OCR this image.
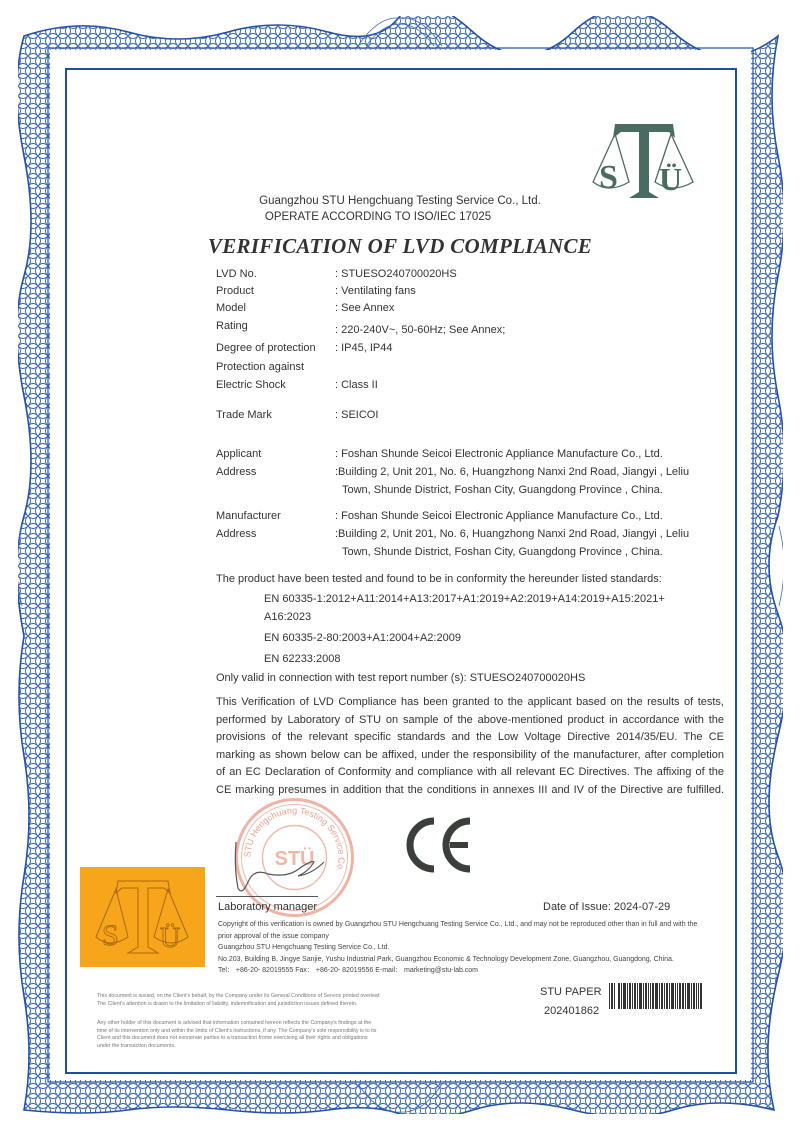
S Ü
Guangzhou STU Hengchuang Testing Service Co., Ltd.
OPERATE ACCORDING TO ISO/IEC 17025
VERIFICATION OF LVD COMPLIANCE
LVD No.	: STUESO240700020HS
Product	: Ventilating fans
Model	: See Annex
Rating	: 220-240V~, 50-60Hz; See Annex;
Degree of protection : IP45, IP44
Protection against
Electric Shock	: Class II
Trade Mark	: SEICOI
Applicant	: Foshan Shunde Seicoi Electronic Appliance Manufacture Co., Ltd.
Address	:Building 2, Unit 201, No. 6, Huangzhong Nanxi 2nd Road, Jiangyi , Leliu
Town, Shunde District, Foshan City, Guangdong Province , China.
Manufacturer	: Foshan Shunde Seicoi Electronic Appliance Manufacture Co., Ltd.
Address	:Building 2, Unit 201, No. 6, Huangzhong Nanxi 2nd Road, Jiangyi , Leliu
Town, Shunde District, Foshan City, Guangdong Province , China.
The product have been tested and found to be in conformity the hereunder listed standards:
EN 60335-1:2012+A11:2014+A13:2017+A1:2019+A2:2019+A14:2019+A15:2021+
A16:2023
EN 60335-2-80:2003+A1:2004+A2:2009
EN 62233:2008
Only valid in connection with test report number (s): STUESO240700020HS
This Verification of LVD Compliance has been granted to the applicant based on the results of tests,
performed by Laboratory of STU on sample of the above-mentioned product in accordance with the
provisions of the relevant specific standards and the Low Voltage Directive 2014/35/EU. The CE
marking as shown below can be affixed, under the responsibility of the manufacturer, after completion
of an EC Declaration of Conformity and compliance with all relevant EC Directives. The affixing of the
CE marking presumes in addition that the conditions in annexes III and IV of the Directive are fulfilled.
STU Hengchuang Testing Service Co.
STÜ
Laboratory manager	Date of Issue: 2024-07-29
Copyright of this verification is owned by Guangzhou STU Hengchuang Testing Service Co., Ltd., and may not be reproduced other than in full and with the
prior approval of the issue company
Guangzhou STU Hengchuang Testing Service Co., Ltd.
No.203, Building B, Jingye Sanjie, Yushu Industrial Park, Guangzhou Economic & Technology Development Zone, Guangzhou, Guangdong, China.
Tel： +86-20- 82019555 Fax： +86-20- 82019556 E-mail： marketing@stu-lab.com
S Ü
This document is issued, on the Client's behalf, by the Company under its General Conditions of Service printed overleaf.
The Client's attention is drawn to the limitation of liability, indemnification and jurisdiction issues defined therein.
Any other holder of this document is advised that information contained hereon reflects the Company's findings at the
time of its intervention only and within the limits of Client's instructions, if any. The Company's sole responsibility is to its
Client and this document does not exonerate parties to a transaction frome exercising all their rights and obligations
under the transaction documents.
STU PAPER
202401862
